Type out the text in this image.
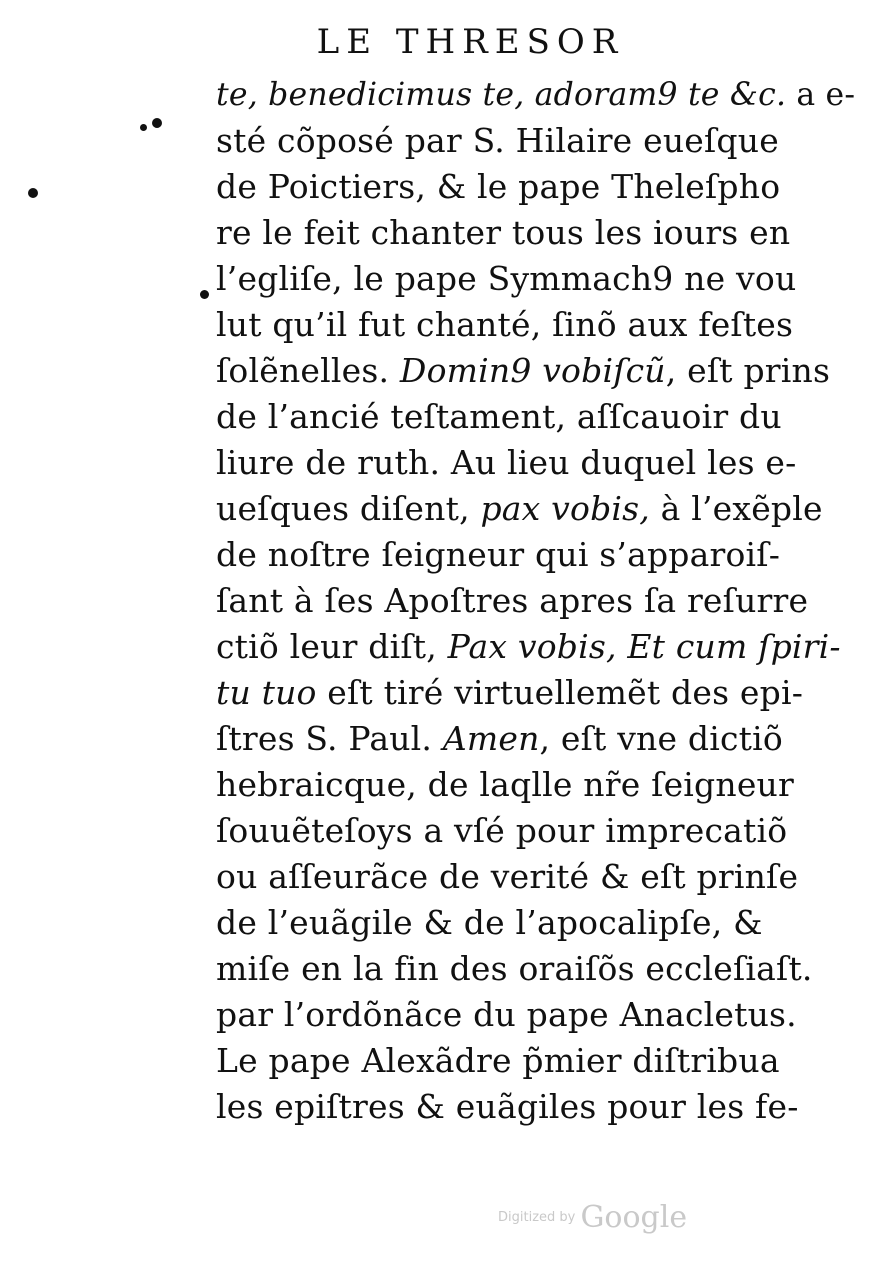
LE THRESOR
te, benedicimus te, adoram9 te &c. a e-
sté cõposé par S. Hilaire eueſque
de Poictiers, & le pape Theleſpho
re le feit chanter tous les iours en
l’egliſe, le pape Symmach9 ne vou
lut qu’il fut chanté, ſinõ aux feſtes
ſolẽnelles. Domin9 vobiſcũ, eſt prins
de l’ancié teſtament, aſſcauoir du
liure de ruth. Au lieu duquel les e-
ueſques diſent, pax vobis, à l’exẽple
de noſtre ſeigneur qui s’apparoiſ-
ſant à ſes Apoſtres apres ſa reſurre
ctiõ leur diſt, Pax vobis, Et cum ſpiri-
tu tuo eſt tiré virtuellemẽt des epi-
ſtres S. Paul. Amen, eſt vne dictiõ
hebraicque, de laqlle nr̃e ſeigneur
ſouuẽteſoys a vſé pour imprecatiõ
ou aſſeurãce de verité & eſt prinſe
de l’euãgile & de l’apocalipſe, &
miſe en la fin des oraiſõs eccleſiaſt.
par l’ordõnãce du pape Anacletus.
Le pape Alexãdre p̃mier diſtribua
les epiſtres & euãgiles pour les fe-
Digitized by Google
